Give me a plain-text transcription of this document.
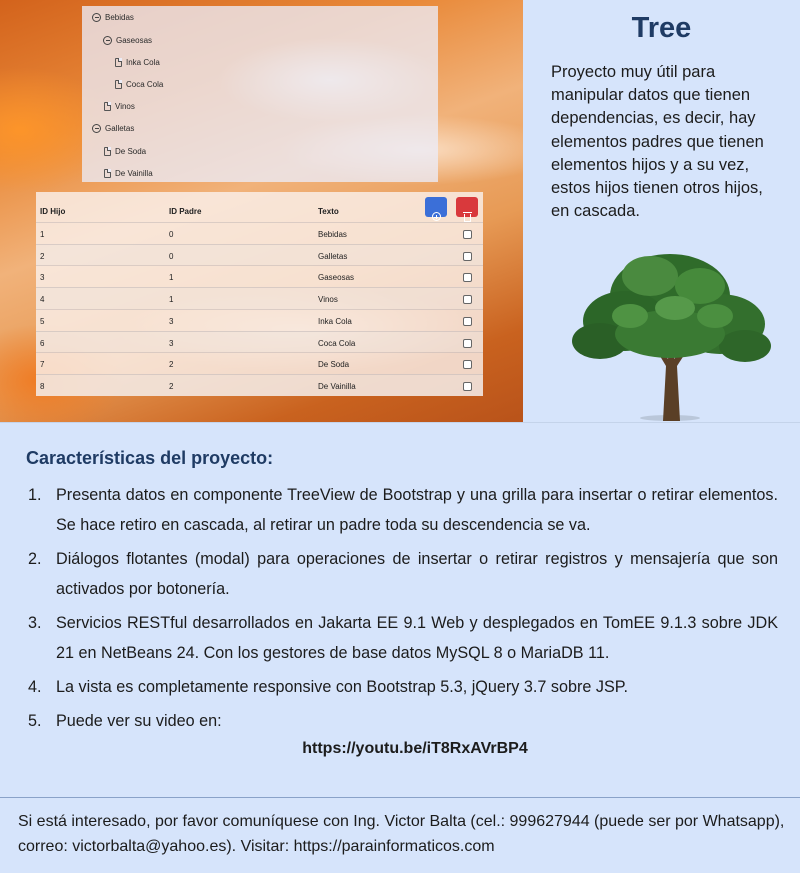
Bebidas
Gaseosas
Inka Cola
Coca Cola
Vinos
Galletas
De Soda
De Vainilla
ID Hijo	ID Padre	Texto
1	0	Bebidas
2	0	Galletas
3	1	Gaseosas
4	1	Vinos
5	3	Inka Cola
6	3	Coca Cola
7	2	De Soda
8	2	De Vainilla
Tree
Proyecto muy útil para manipular datos que tienen dependencias, es decir, hay elementos padres que tienen elementos hijos y a su vez, estos hijos tienen otros hijos, en cascada.
Características del proyecto:
1. Presenta datos en componente TreeView de Bootstrap y una grilla para insertar o retirar elementos. Se hace retiro en cascada, al retirar un padre toda su descendencia se va.
2. Diálogos flotantes (modal) para operaciones de insertar o retirar registros y mensajería que son activados por botonería.
3. Servicios RESTful desarrollados en Jakarta EE 9.1 Web y desplegados en TomEE 9.1.3 sobre JDK 21 en NetBeans 24. Con los gestores de base datos MySQL 8 o MariaDB 11.
4. La vista es completamente responsive con Bootstrap 5.3, jQuery 3.7 sobre JSP.
5. Puede ver su video en:
https://youtu.be/iT8RxAVrBP4
Si está interesado, por favor comuníquese con Ing. Victor Balta (cel.: 999627944 (puede ser por Whatsapp), correo: victorbalta@yahoo.es). Visitar: https://parainformaticos.com
